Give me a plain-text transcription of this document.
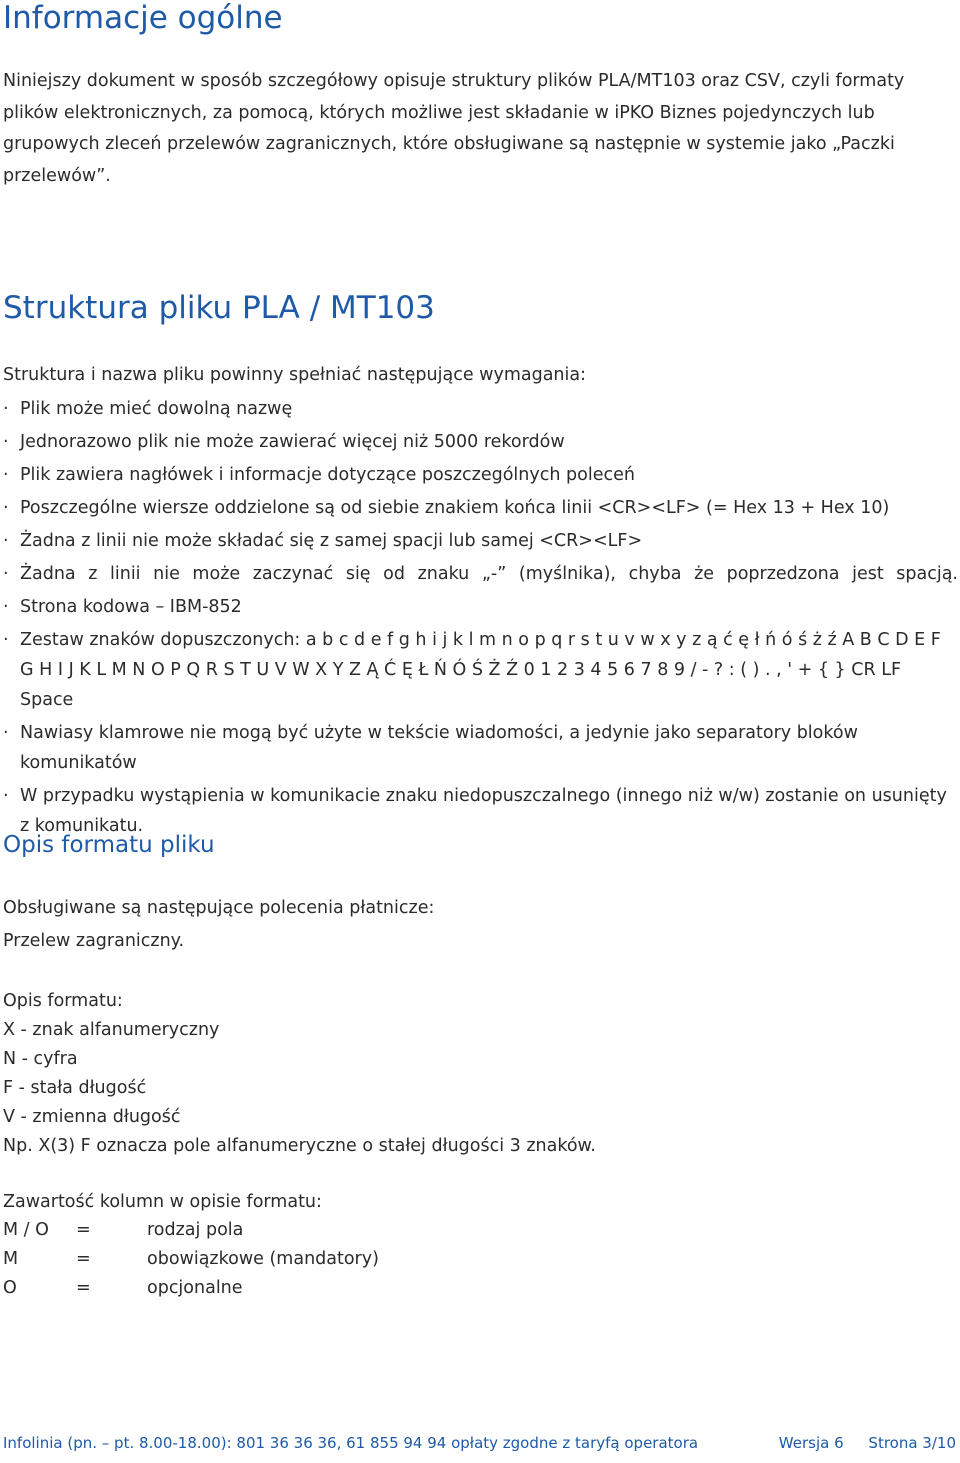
Informacje ogólne

Niniejszy dokument w sposób szczegółowy opisuje struktury plików PLA/MT103 oraz CSV, czyli formaty plików elektronicznych, za pomocą, których możliwe jest składanie w iPKO Biznes pojedynczych lub grupowych zleceń przelewów zagranicznych, które obsługiwane są następnie w systemie jako „Paczki przelewów”.

Struktura pliku PLA / MT103

Struktura i nazwa pliku powinny spełniać następujące wymagania:

· Plik może mieć dowolną nazwę
· Jednorazowo plik nie może zawierać więcej niż 5000 rekordów
· Plik zawiera nagłówek i informacje dotyczące poszczególnych poleceń
· Poszczególne wiersze oddzielone są od siebie znakiem końca linii <CR><LF> (= Hex 13 + Hex 10)
· Żadna z linii nie może składać się z samej spacji lub samej <CR><LF>
· Żadna z linii nie może zaczynać się od znaku „-” (myślnika), chyba że poprzedzona jest spacją.
· Strona kodowa – IBM-852
· Zestaw znaków dopuszczonych: a b c d e f g h i j k l m n o p q r s t u v w x y z ą ć ę ł ń ó ś ż ź A B C D E F G H I J K L M N O P Q R S T U V W X Y Z Ą Ć Ę Ł Ń Ó Ś Ż Ź 0 1 2 3 4 5 6 7 8 9 / - ? : ( ) . , ' + { } CR LF Space
· Nawiasy klamrowe nie mogą być użyte w tekście wiadomości, a jedynie jako separatory bloków komunikatów
· W przypadku wystąpienia w komunikacie znaku niedopuszczalnego (innego niż w/w) zostanie on usunięty z komunikatu.
Opis formatu pliku

Obsługiwane są następujące polecenia płatnicze:

Przelew zagraniczny.

Opis formatu:

X - znak alfanumeryczny

N - cyfra

F - stała długość

V - zmienna długość

Np. X(3) F oznacza pole alfanumeryczne o stałej długości 3 znaków.

Zawartość kolumn w opisie formatu:

M / O	=	rodzaj pola
M	=	obowiązkowe (mandatory)
O	=	opcjonalne
Infolinia (pn. – pt. 8.00-18.00): 801 36 36 36, 61 855 94 94 opłaty zgodne z taryfą operatora	Wersja 6 Strona 3/10
